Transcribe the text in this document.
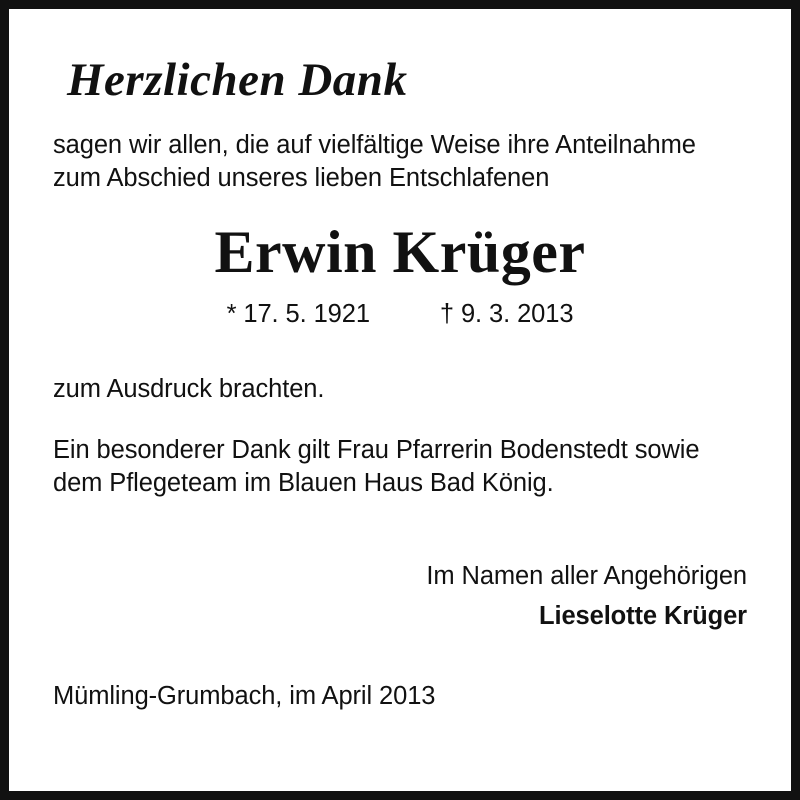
Herzlichen Dank
sagen wir allen, die auf vielfältige Weise ihre Anteilnahme
zum Abschied unseres lieben Entschlafenen
Erwin Krüger
* 17. 5. 1921	† 9. 3. 2013
zum Ausdruck brachten.
Ein besonderer Dank gilt Frau Pfarrerin Bodenstedt sowie
dem Pflegeteam im Blauen Haus Bad König.
Im Namen aller Angehörigen
Lieselotte Krüger
Mümling-Grumbach, im April 2013
